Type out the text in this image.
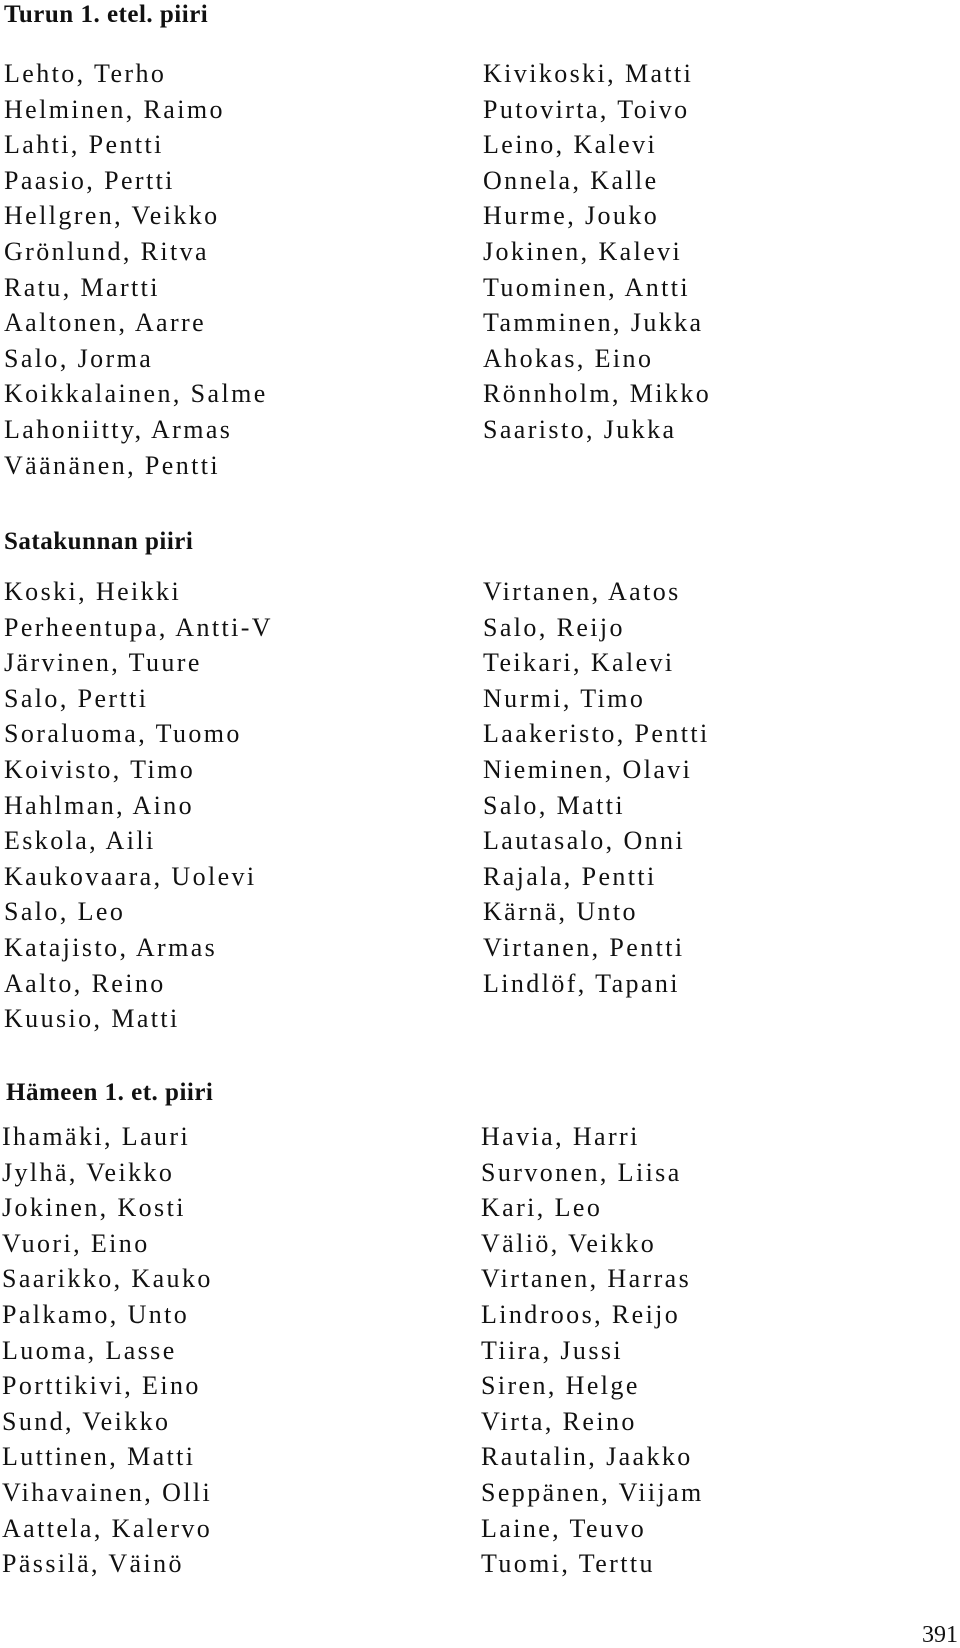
Turun 1. etel. piiri
Lehto, Terho
Helminen, Raimo
Lahti, Pentti
Paasio, Pertti
Hellgren, Veikko
Grönlund, Ritva
Ratu, Martti
Aaltonen, Aarre
Salo, Jorma
Koikkalainen, Salme
Lahoniitty, Armas
Väänänen, Pentti
Kivikoski, Matti
Putovirta, Toivo
Leino, Kalevi
Onnela, Kalle
Hurme, Jouko
Jokinen, Kalevi
Tuominen, Antti
Tamminen, Jukka
Ahokas, Eino
Rönnholm, Mikko
Saaristo, Jukka
Satakunnan piiri
Koski, Heikki
Perheentupa, Antti-V
Järvinen, Tuure
Salo, Pertti
Soraluoma, Tuomo
Koivisto, Timo
Hahlman, Aino
Eskola, Aili
Kaukovaara, Uolevi
Salo, Leo
Katajisto, Armas
Aalto, Reino
Kuusio, Matti
Virtanen, Aatos
Salo, Reijo
Teikari, Kalevi
Nurmi, Timo
Laakeristo, Pentti
Nieminen, Olavi
Salo, Matti
Lautasalo, Onni
Rajala, Pentti
Kärnä, Unto
Virtanen, Pentti
Lindlöf, Tapani
Hämeen 1. et. piiri
Ihamäki, Lauri
Jylhä, Veikko
Jokinen, Kosti
Vuori, Eino
Saarikko, Kauko
Palkamo, Unto
Luoma, Lasse
Porttikivi, Eino
Sund, Veikko
Luttinen, Matti
Vihavainen, Olli
Aattela, Kalervo
Pässilä, Väinö
Havia, Harri
Survonen, Liisa
Kari, Leo
Väliö, Veikko
Virtanen, Harras
Lindroos, Reijo
Tiira, Jussi
Siren, Helge
Virta, Reino
Rautalin, Jaakko
Seppänen, Viijam
Laine, Teuvo
Tuomi, Terttu
391
